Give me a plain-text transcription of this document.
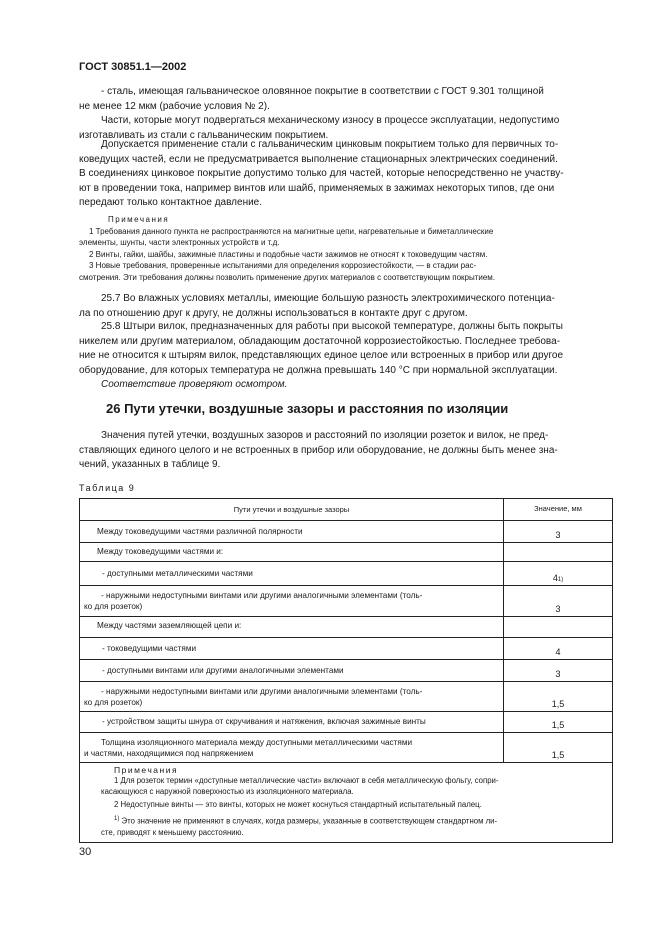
ГОСТ 30851.1—2002
- сталь, имеющая гальваническое оловянное покрытие в соответствии с ГОСТ 9.301 толщиной
не менее 12 мкм (рабочие условия № 2).
Части, которые могут подвергаться механическому износу в процессе эксплуатации, недопустимо
изготавливать из стали с гальваническим покрытием.
Допускается применение стали с гальваническим цинковым покрытием только для первичных то-
коведущих частей, если не предусматривается выполнение стационарных электрических соединений.
В соединениях цинковое покрытие допустимо только для частей, которые непосредственно не участву-
ют в проведении тока, например винтов или шайб, применяемых в зажимах некоторых типов, где они
передают только контактное давление.
Примечания
1 Требования данного пункта не распространяются на магнитные цепи, нагревательные и биметаллические
элементы, шунты, части электронных устройств и т.д.
2 Винты, гайки, шайбы, зажимные пластины и подобные части зажимов не относят к токоведущим частям.
3 Новые требования, проверенные испытаниями для определения коррозиестойкости, — в стадии рас-
смотрения. Эти требования должны позволить применение других материалов с соответствующим покрытием.
25.7 Во влажных условиях металлы, имеющие большую разность электрохимического потенциа-
ла по отношению друг к другу, не должны использоваться в контакте друг с другом.
25.8 Штыри вилок, предназначенных для работы при высокой температуре, должны быть покрыты
никелем или другим материалом, обладающим достаточной коррозиестойкостью. Последнее требова-
ние не относится к штырям вилок, представляющих единое целое или встроенных в прибор или другое
оборудование, для которых температура не должна превышать 140 °С при нормальной эксплуатации.
Соответствие проверяют осмотром.
26 Пути утечки, воздушные зазоры и расстояния по изоляции
Значения путей утечки, воздушных зазоров и расстояний по изоляции розеток и вилок, не пред-
ставляющих единого целого и не встроенных в прибор или оборудование, не должны быть менее зна-
чений, указанных в таблице 9.
Таблица 9
Пути утечки и воздушные зазоры	Значение, мм
Между токоведущими частями различной полярности	3
Между токоведущими частями и:
- доступными металлическими частями	$4_{1)}$
- наружными недоступными винтами или другими аналогичными элементами (толь-
ко для розеток)	3
Между частями заземляющей цепи и:
- токоведущими частями	4
- доступными винтами или другими аналогичными элементами	3
- наружными недоступными винтами или другими аналогичными элементами (толь-
ко для розеток)	1,5
- устройством защиты шнура от скручивания и натяжения, включая зажимные винты	1,5
Толщина изоляционного материала между доступными металлическими частями
и частями, находящимися под напряжением	1,5
Примечания
1 Для розеток термин «доступные металлические части» включают в себя металлическую фольгу, сопри-
касающуюся с наружной поверхностью из изоляционного материала.
2 Недоступные винты — это винты, которых не может коснуться стандартный испытательный палец.
$^{1)}$ Это значение не применяют в случаях, когда размеры, указанные в соответствующем стандартном ли-
сте, приводят к меньшему расстоянию.
30
